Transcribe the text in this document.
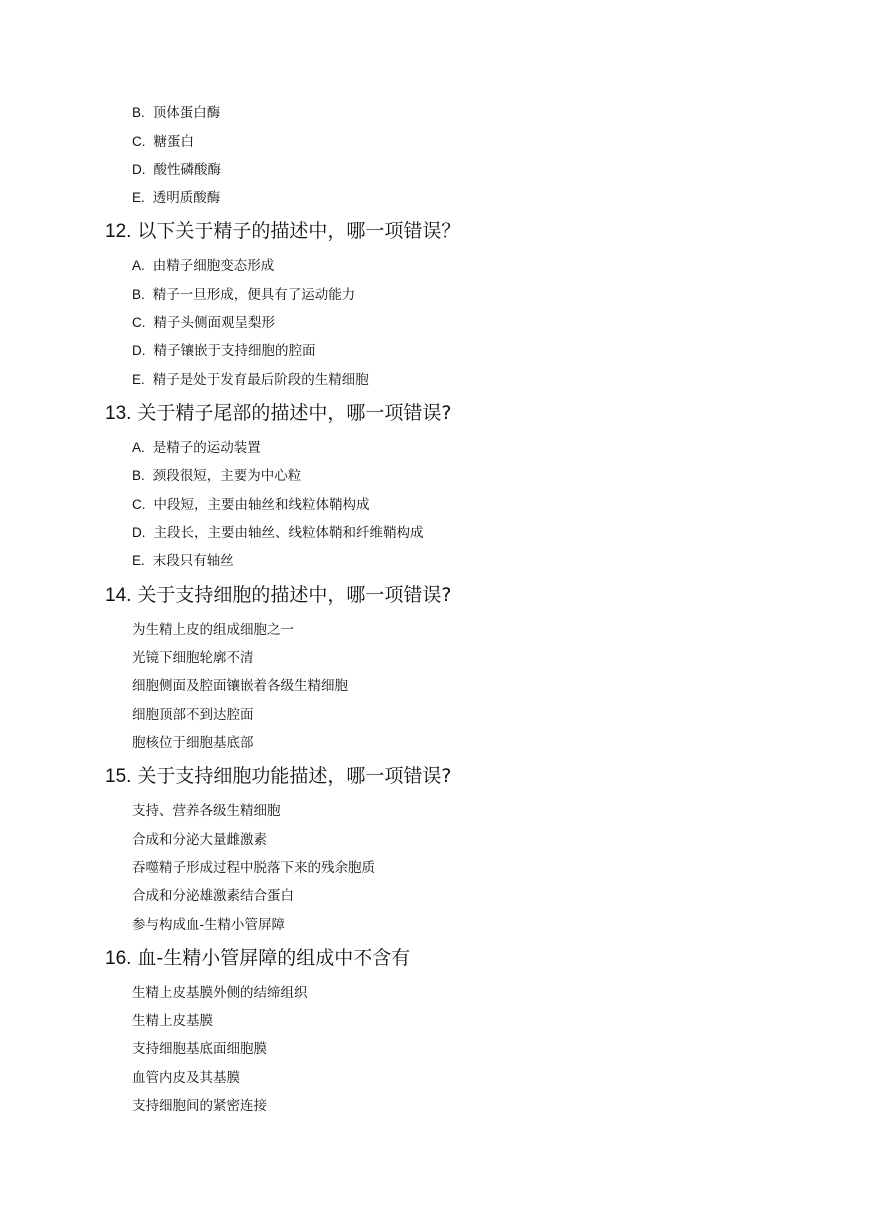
B. 顶体蛋白酶
C. 糖蛋白
D. 酸性磷酸酶
E. 透明质酸酶
12. 以下关于精子的描述中，哪一项错误？
A. 由精子细胞变态形成
B. 精子一旦形成，便具有了运动能力
C. 精子头侧面观呈梨形
D. 精子镶嵌于支持细胞的腔面
E. 精子是处于发育最后阶段的生精细胞
13. 关于精子尾部的描述中，哪一项错误?
A. 是精子的运动装置
B. 颈段很短，主要为中心粒
C. 中段短，主要由轴丝和线粒体鞘构成
D. 主段长，主要由轴丝、线粒体鞘和纤维鞘构成
E. 末段只有轴丝
14. 关于支持细胞的描述中，哪一项错误?
为生精上皮的组成细胞之一
光镜下细胞轮廓不清
细胞侧面及腔面镶嵌着各级生精细胞
细胞顶部不到达腔面
胞核位于细胞基底部
15. 关于支持细胞功能描述，哪一项错误?
支持、营养各级生精细胞
合成和分泌大量雌激素
吞噬精子形成过程中脱落下来的残余胞质
合成和分泌雄激素结合蛋白
参与构成血-生精小管屏障
16. 血-生精小管屏障的组成中不含有
生精上皮基膜外侧的结缔组织
生精上皮基膜
支持细胞基底面细胞膜
血管内皮及其基膜
支持细胞间的紧密连接
